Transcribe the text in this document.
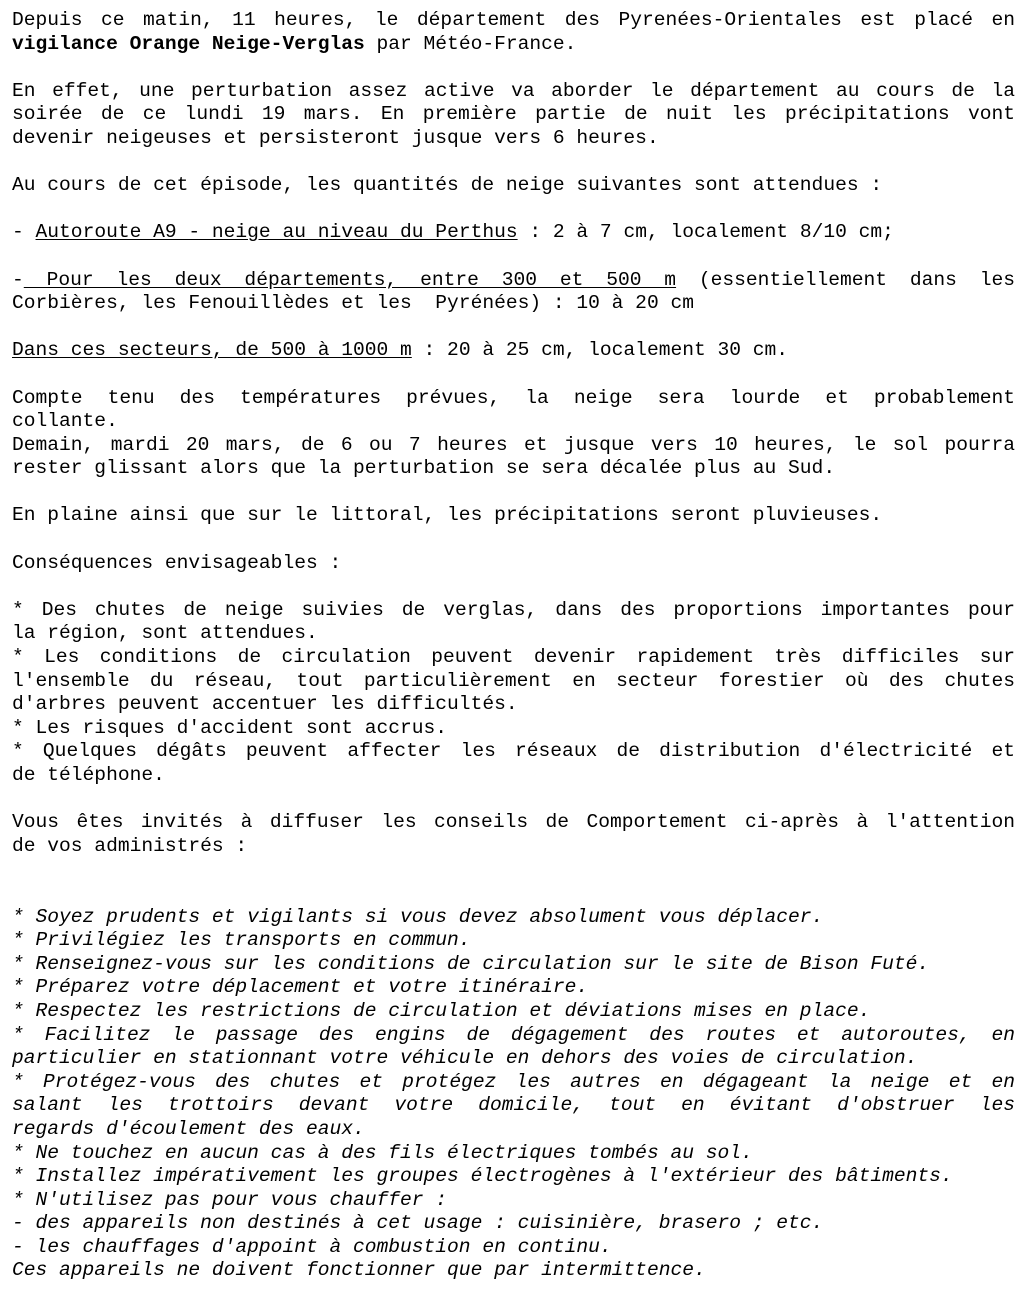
Depuis ce matin, 11 heures, le département des Pyrenées-Orientales est placé en
vigilance Orange Neige-Verglas par Météo-France.
En effet, une perturbation assez active va aborder le département au cours de la
soirée de ce lundi 19 mars. En première partie de nuit les précipitations vont
devenir neigeuses et persisteront jusque vers 6 heures.
Au cours de cet épisode, les quantités de neige suivantes sont attendues :
- Autoroute A9 - neige au niveau du Perthus : 2 à 7 cm, localement 8/10 cm;
- Pour les deux départements, entre 300 et 500 m (essentiellement dans les
Corbières, les Fenouillèdes et les  Pyrénées) : 10 à 20 cm
Dans ces secteurs, de 500 à 1000 m : 20 à 25 cm, localement 30 cm.
Compte tenu des températures prévues, la neige sera lourde et probablement
collante.
Demain, mardi 20 mars, de 6 ou 7 heures et jusque vers 10 heures, le sol pourra
rester glissant alors que la perturbation se sera décalée plus au Sud.
En plaine ainsi que sur le littoral, les précipitations seront pluvieuses.
Conséquences envisageables :
* Des chutes de neige suivies de verglas, dans des proportions importantes pour
la région, sont attendues.
* Les conditions de circulation peuvent devenir rapidement très difficiles sur
l'ensemble du réseau, tout particulièrement en secteur forestier où des chutes
d'arbres peuvent accentuer les difficultés.
* Les risques d'accident sont accrus.
* Quelques dégâts peuvent affecter les réseaux de distribution d'électricité et
de téléphone.
Vous êtes invités à diffuser les conseils de Comportement ci-après à l'attention
de vos administrés :
* Soyez prudents et vigilants si vous devez absolument vous déplacer.
* Privilégiez les transports en commun.
* Renseignez-vous sur les conditions de circulation sur le site de Bison Futé.
* Préparez votre déplacement et votre itinéraire.
* Respectez les restrictions de circulation et déviations mises en place.
* Facilitez le passage des engins de dégagement des routes et autoroutes, en
particulier en stationnant votre véhicule en dehors des voies de circulation.
* Protégez-vous des chutes et protégez les autres en dégageant la neige et en
salant les trottoirs devant votre domicile, tout en évitant d'obstruer les
regards d'écoulement des eaux.
* Ne touchez en aucun cas à des fils électriques tombés au sol.
* Installez impérativement les groupes électrogènes à l'extérieur des bâtiments.
* N'utilisez pas pour vous chauffer :
- des appareils non destinés à cet usage : cuisinière, brasero ; etc.
- les chauffages d'appoint à combustion en continu.
Ces appareils ne doivent fonctionner que par intermittence.
